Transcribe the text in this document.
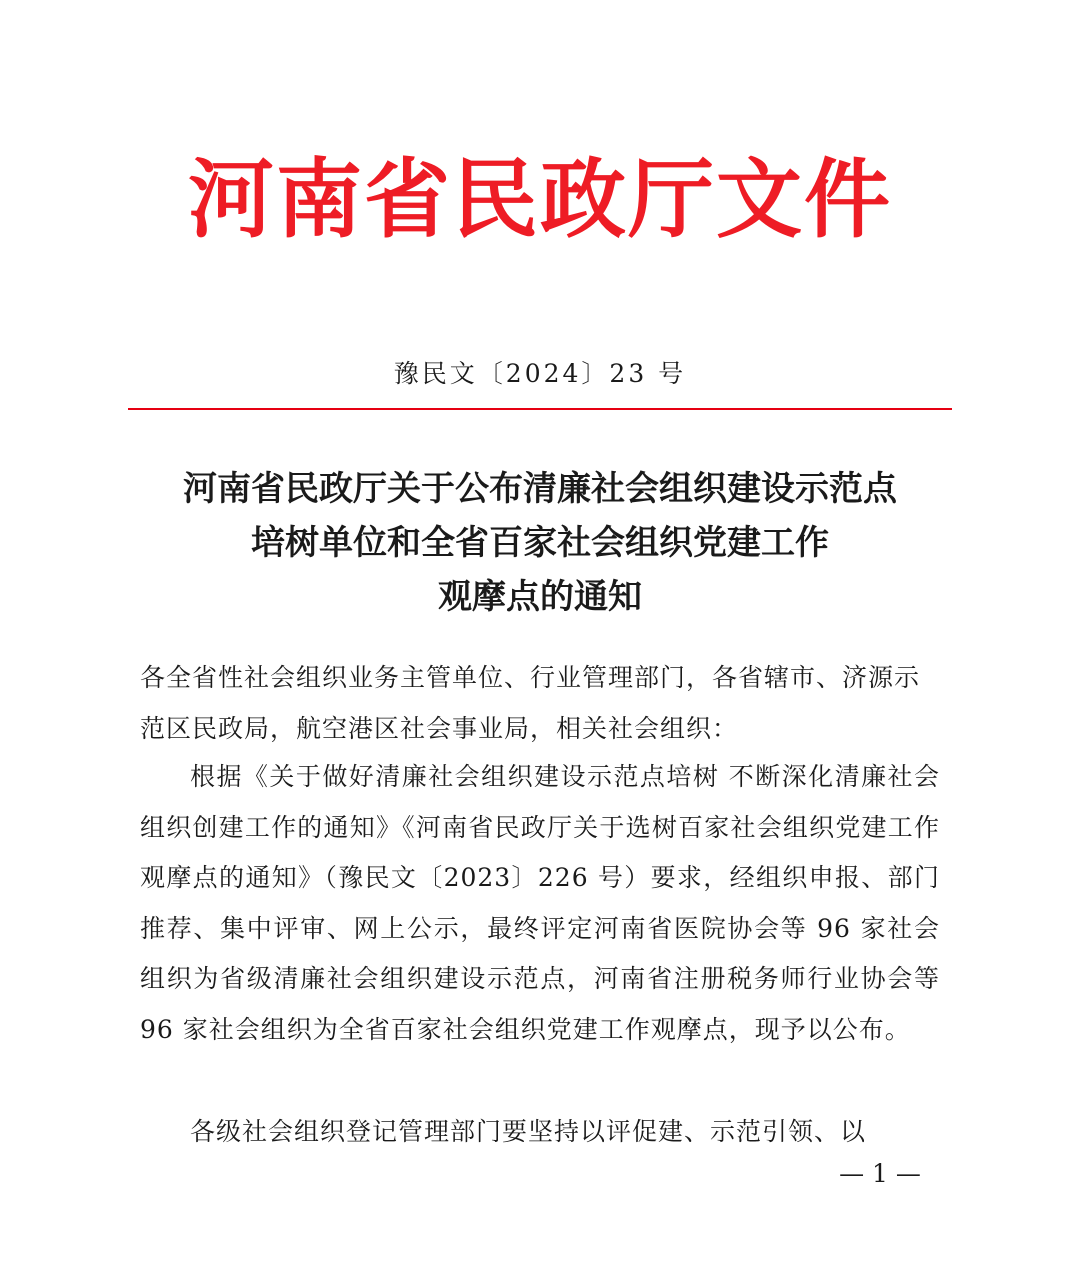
河南省民政厅文件
豫民文〔2024〕23 号
河南省民政厅关于公布清廉社会组织建设示范点
培树单位和全省百家社会组织党建工作
观摩点的通知
各全省性社会组织业务主管单位、行业管理部门，各省辖市、济源示范区民政局，航空港区社会事业局，相关社会组织：
根据《关于做好清廉社会组织建设示范点培树 不断深化清廉社会组织创建工作的通知》《河南省民政厅关于选树百家社会组织党建工作观摩点的通知》（豫民文〔2023〕226 号）要求，经组织申报、部门推荐、集中评审、网上公示，最终评定河南省医院协会等 96 家社会组织为省级清廉社会组织建设示范点，河南省注册税务师行业协会等 96 家社会组织为全省百家社会组织党建工作观摩点，现予以公布。
各级社会组织登记管理部门要坚持以评促建、示范引领、以
— 1 —
